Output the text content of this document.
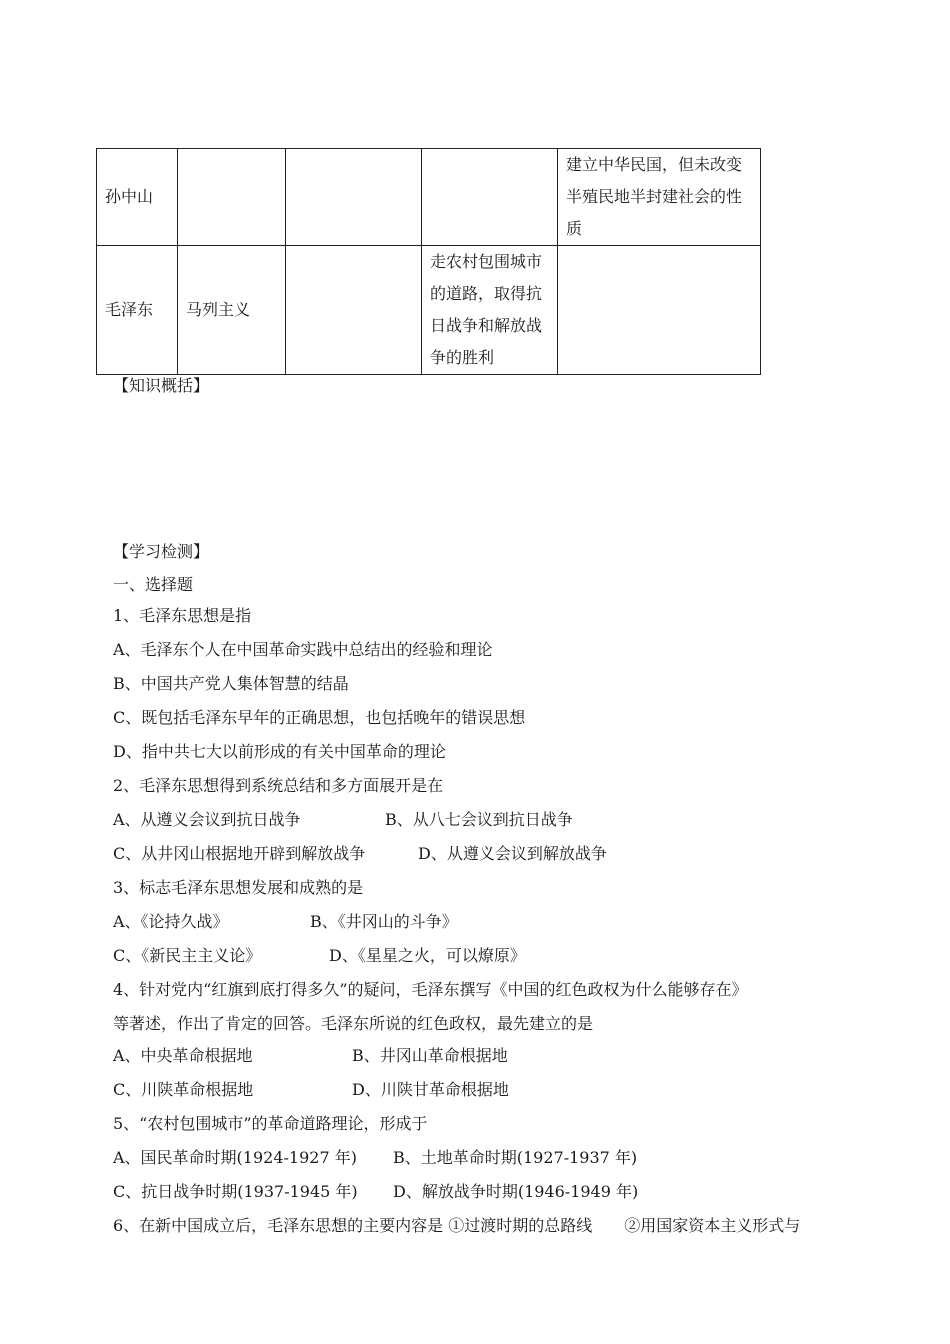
孙中山				建立中华民国，但未改变半殖民地半封建社会的性质
毛泽东	马列主义		走农村包围城市的道路，取得抗日战争和解放战争的胜利	
【知识概括】
【学习检测】
一、选择题
1、毛泽东思想是指
A、毛泽东个人在中国革命实践中总结出的经验和理论
B、中国共产党人集体智慧的结晶
C、既包括毛泽东早年的正确思想，也包括晚年的错误思想
D、指中共七大以前形成的有关中国革命的理论
2、毛泽东思想得到系统总结和多方面展开是在
A、从遵义会议到抗日战争	B、从八七会议到抗日战争
C、从井冈山根据地开辟到解放战争	D、从遵义会议到解放战争
3、标志毛泽东思想发展和成熟的是
A、《论持久战》	B、《井冈山的斗争》
C、《新民主主义论》	D、《星星之火，可以燎原》
4、针对党内“红旗到底打得多久”的疑问，毛泽东撰写《中国的红色政权为什么能够存在》
等著述，作出了肯定的回答。毛泽东所说的红色政权，最先建立的是
A、中央革命根据地	B、井冈山革命根据地
C、川陕革命根据地	D、川陕甘革命根据地
5、“农村包围城市”的革命道路理论，形成于
A、国民革命时期(1924-1927 年) B、土地革命时期(1927-1937 年)
C、抗日战争时期(1937-1945 年) D、解放战争时期(1946-1949 年)
6、在新中国成立后，毛泽东思想的主要内容是 ①过渡时期的总路线　　②用国家资本主义形式与
